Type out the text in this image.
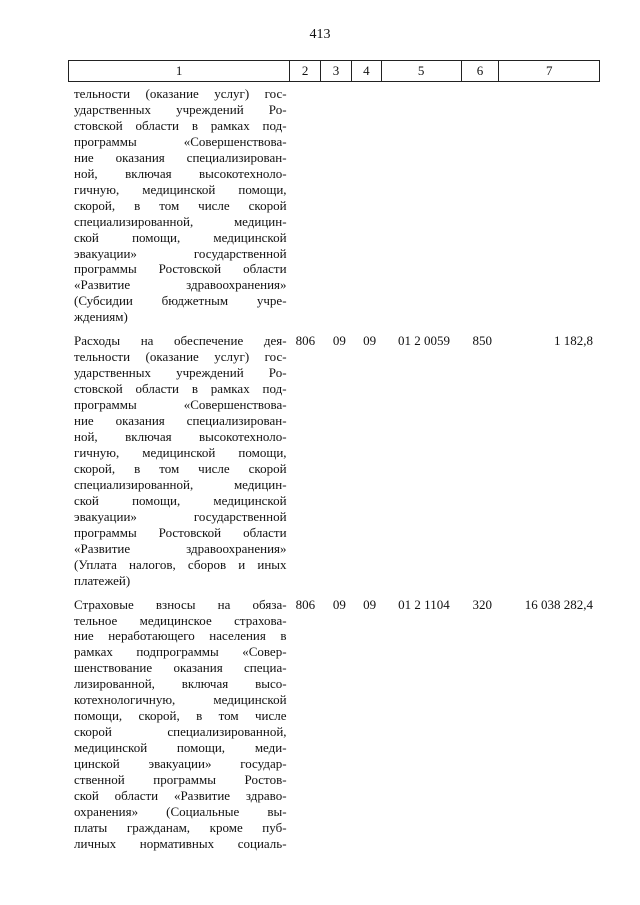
413
1	2	3	4	5	6	7
тельности (оказание услуг) гос-
ударственных учреждений Ро-
стовской области в рамках под-
программы «Совершенствова-
ние оказания специализирован-
ной, включая высокотехноло-
гичную, медицинской помощи,
скорой, в том числе скорой
специализированной, медицин-
ской помощи, медицинской
эвакуации» государственной
программы Ростовской области
«Развитие здравоохранения»
(Субсидии бюджетным учре-
ждениям)
Расходы на обеспечение дея-
тельности (оказание услуг) гос-
ударственных учреждений Ро-
стовской области в рамках под-
программы «Совершенствова-
ние оказания специализирован-
ной, включая высокотехноло-
гичную, медицинской помощи,
скорой, в том числе скорой
специализированной, медицин-
ской помощи, медицинской
эвакуации» государственной
программы Ростовской области
«Развитие здравоохранения»
(Уплата налогов, сборов и иных
платежей)
806	09	09	01 2 0059	850	1 182,8
Страховые взносы на обяза-
тельное медицинское страхова-
ние неработающего населения в
рамках подпрограммы «Совер-
шенствование оказания специа-
лизированной, включая высо-
котехнологичную, медицинской
помощи, скорой, в том числе
скорой специализированной,
медицинской помощи, меди-
цинской эвакуации» государ-
ственной программы Ростов-
ской области «Развитие здраво-
охранения» (Социальные вы-
платы гражданам, кроме пуб-
личных нормативных социаль-
806	09	09	01 2 1104	320	16 038 282,4
